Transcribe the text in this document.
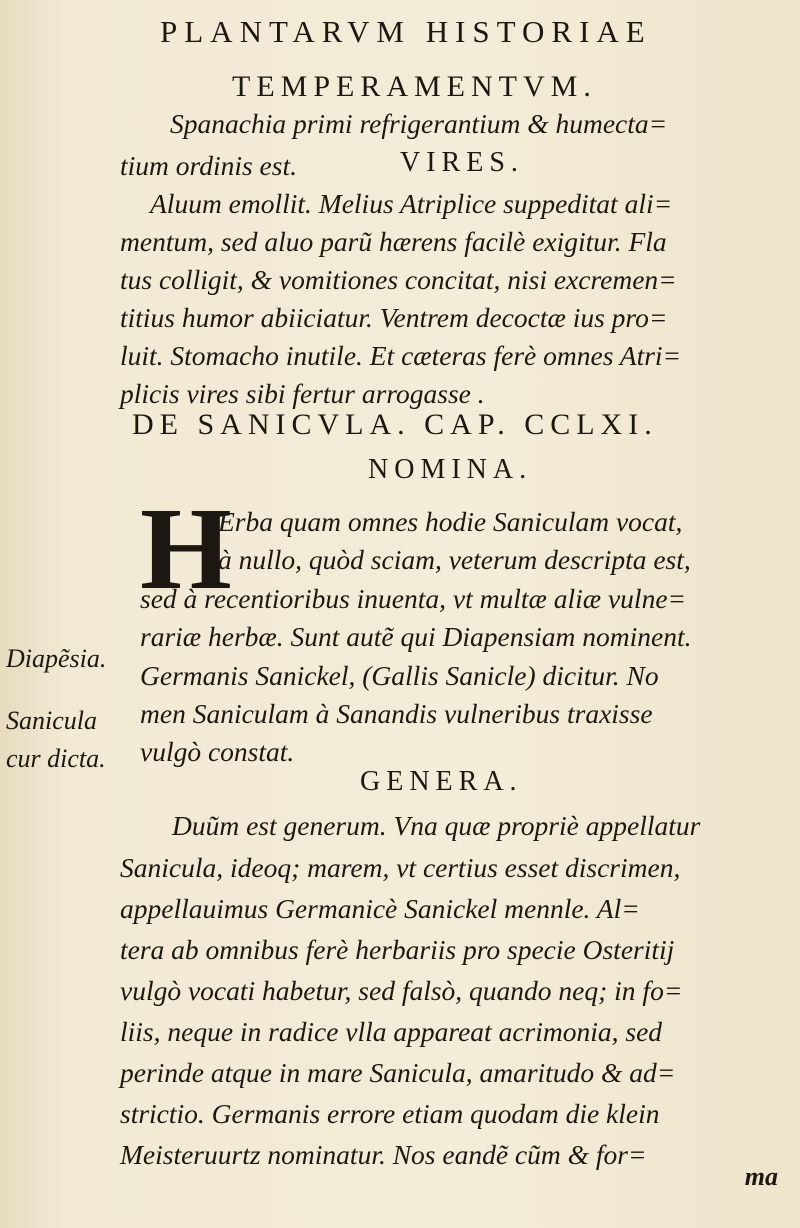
PLANTARVM HISTORIAE
TEMPERAMENTVM.
Spanachia primi refrigerantium & humecta=
tium ordinis est.	VIRES.
Aluum emollit. Melius Atriplice suppeditat ali=
mentum, sed aluo parũ hærens facilè exigitur. Fla
tus colligit, & vomitiones concitat, nisi excremen=
titius humor abiiciatur. Ventrem decoctæ ius pro=
luit. Stomacho inutile. Et cæteras ferè omnes Atri=
plicis vires sibi fertur arrogasse .
DE SANICVLA. CAP. CCLXI.
NOMINA.
H
Erba quam omnes hodie Saniculam vocat,
à nullo, quòd sciam, veterum descripta est,
sed à recentioribus inuenta, vt multæ aliæ vulne=
rariæ herbæ. Sunt autẽ qui Diapensiam nominent.
Germanis Sanickel, (Gallis Sanicle) dicitur. No
men Saniculam à Sanandis vulneribus traxisse
vulgò constat.
Diapẽsia.
Sanicula
cur dicta.
GENERA.
Duũm est generum. Vna quæ propriè appellatur
Sanicula, ideoq; marem, vt certius esset discrimen,
appellauimus Germanicè Sanickel mennle. Al=
tera ab omnibus ferè herbariis pro specie Osteritij
vulgò vocati habetur, sed falsò, quando neq; in fo=
liis, neque in radice vlla appareat acrimonia, sed
perinde atque in mare Sanicula, amaritudo & ad=
strictio. Germanis errore etiam quodam die klein
Meisteruurtz nominatur. Nos eandẽ cũm & for=
ma
